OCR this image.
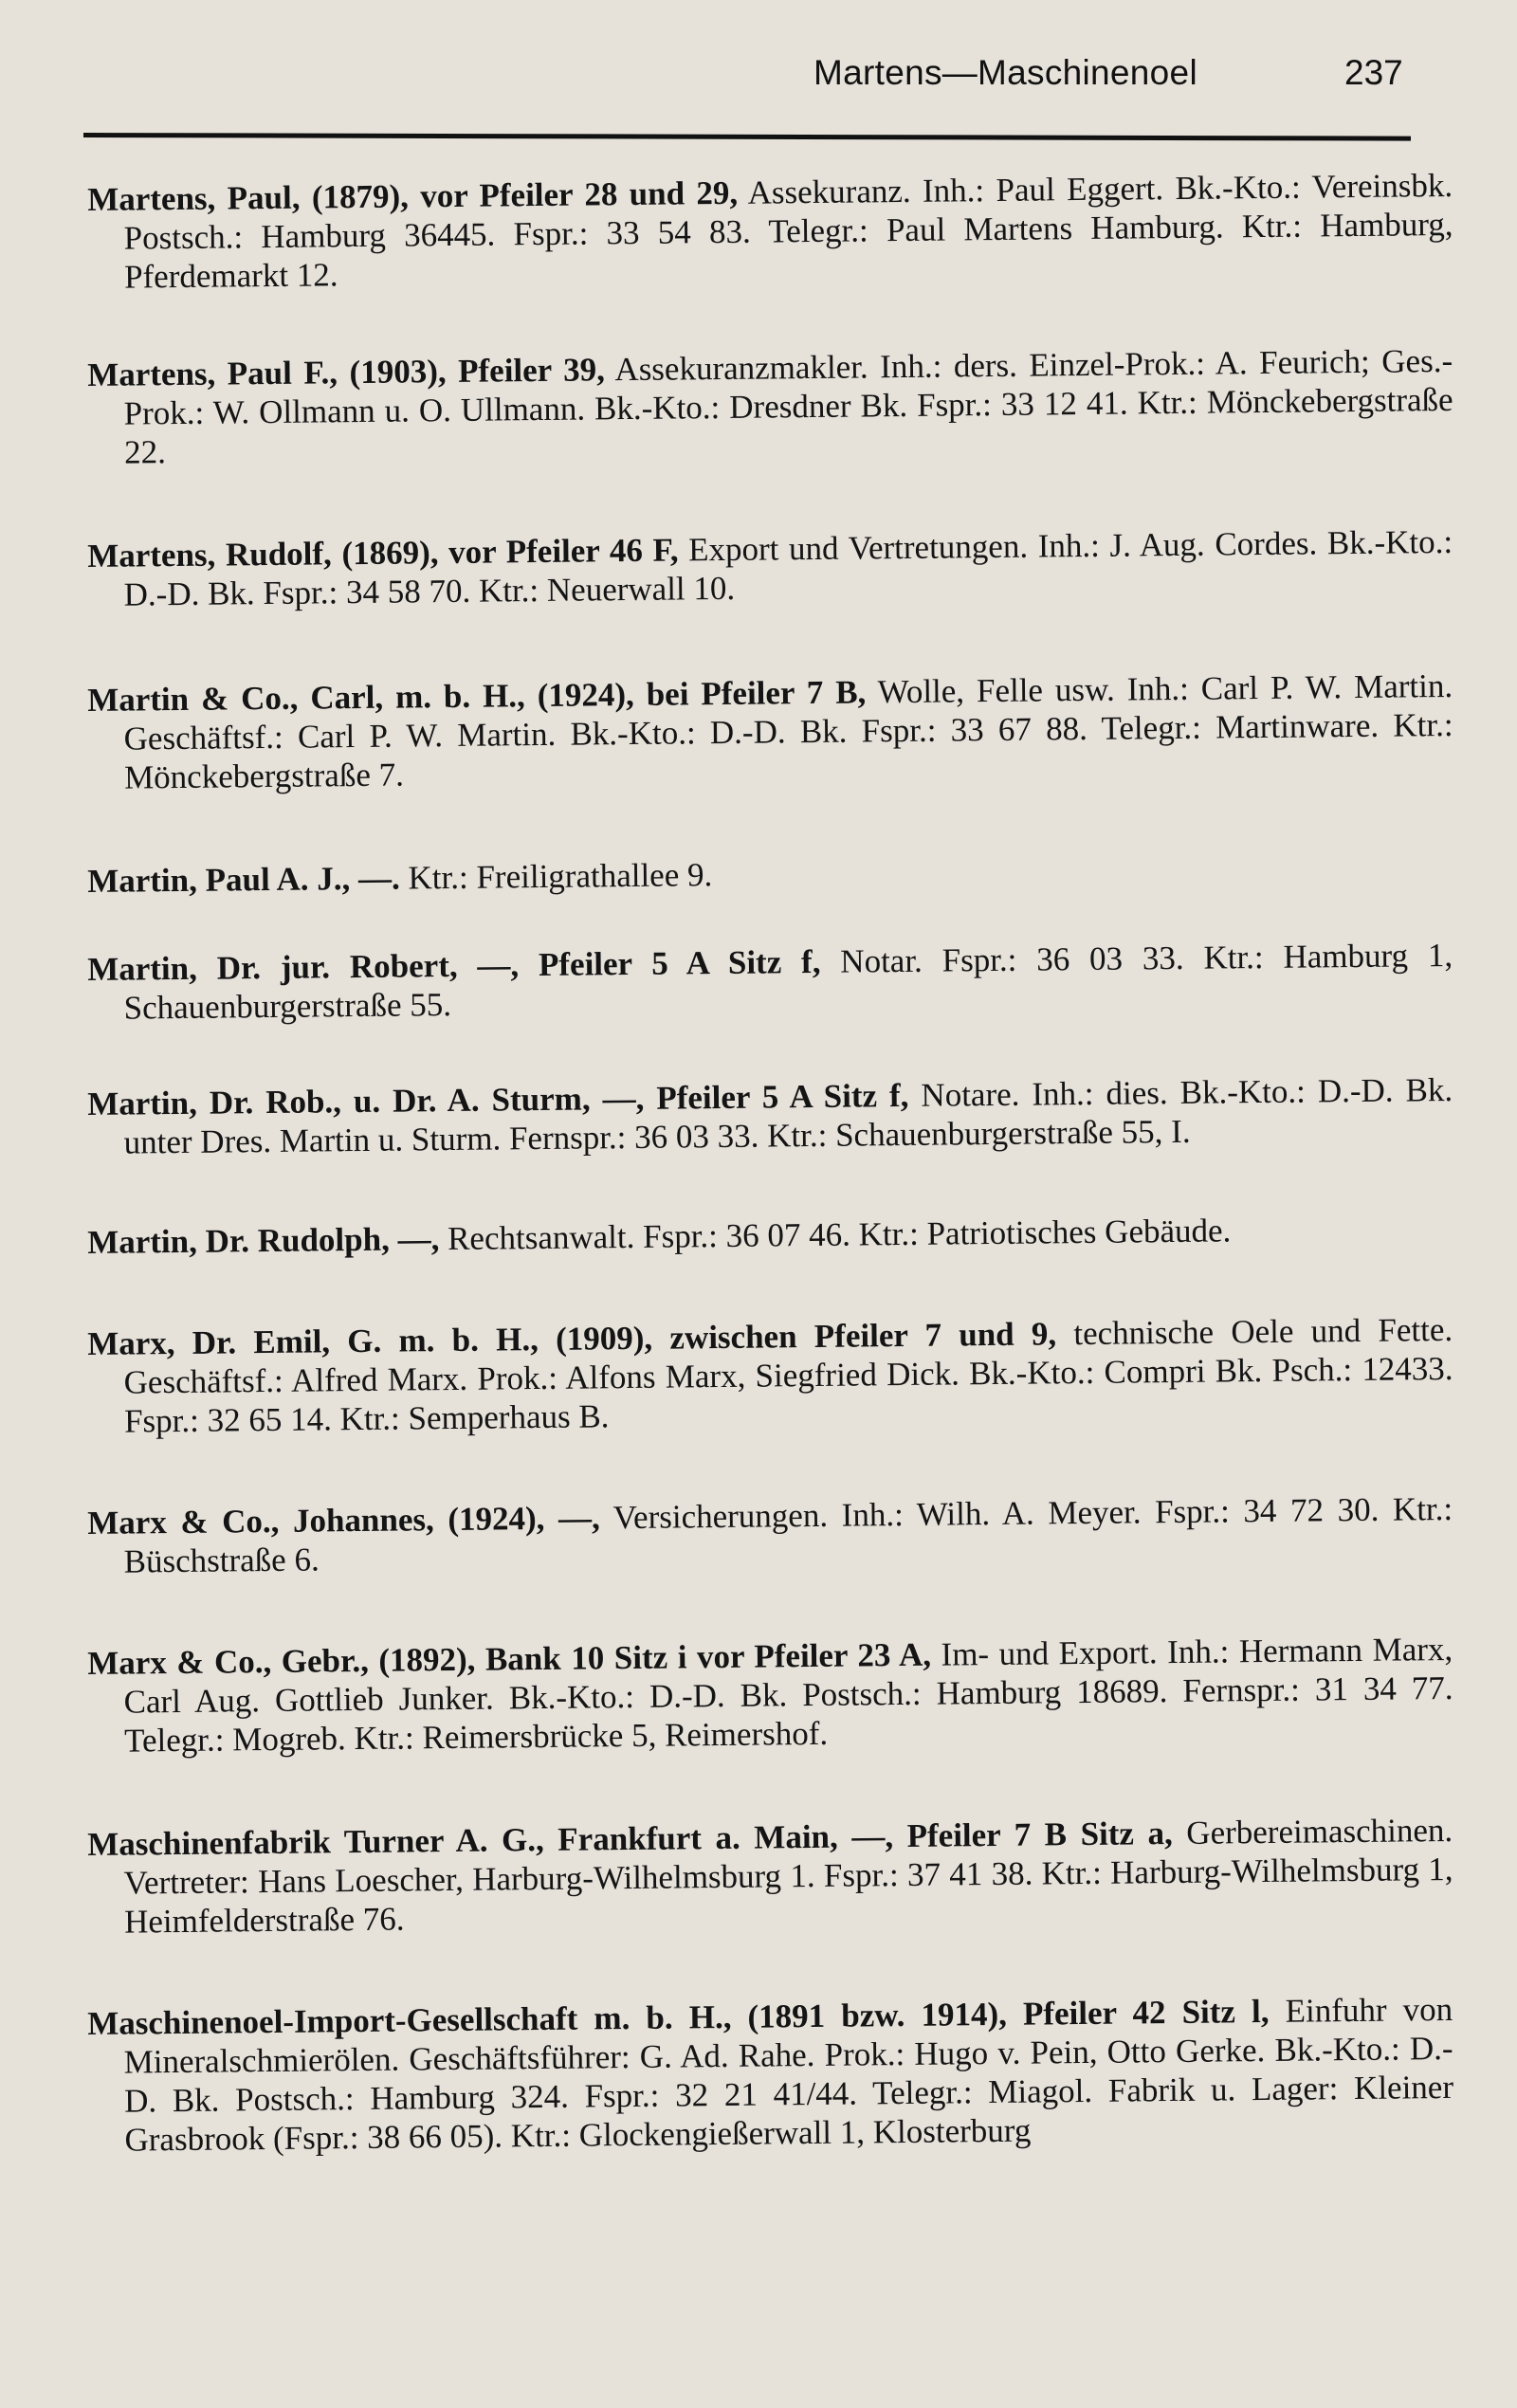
Martens—Maschinenoel	237

Martens, Paul, (1879), vor Pfeiler 28 und 29, Assekuranz. Inh.: Paul Eggert. Bk.-Kto.: Vereinsbk. Postsch.: Hamburg 36445. Fspr.: 33 54 83. Telegr.: Paul Martens Hamburg. Ktr.: Hamburg, Pferdemarkt 12.

Martens, Paul F., (1903), Pfeiler 39, Assekuranzmakler. Inh.: ders. Einzel-Prok.: A. Feurich; Ges.-Prok.: W. Ollmann u. O. Ullmann. Bk.-Kto.: Dresdner Bk. Fspr.: 33 12 41. Ktr.: Mönckebergstraße 22.

Martens, Rudolf, (1869), vor Pfeiler 46 F, Export und Vertretungen. Inh.: J. Aug. Cordes. Bk.-Kto.: D.-D. Bk. Fspr.: 34 58 70. Ktr.: Neuerwall 10.

Martin & Co., Carl, m. b. H., (1924), bei Pfeiler 7 B, Wolle, Felle usw. Inh.: Carl P. W. Martin. Geschäftsf.: Carl P. W. Martin. Bk.-Kto.: D.-D. Bk. Fspr.: 33 67 88. Telegr.: Martinware. Ktr.: Mönckebergstraße 7.

Martin, Paul A. J., —. Ktr.: Freiligrathallee 9.

Martin, Dr. jur. Robert, —, Pfeiler 5 A Sitz f, Notar. Fspr.: 36 03 33. Ktr.: Hamburg 1, Schauenburgerstraße 55.

Martin, Dr. Rob., u. Dr. A. Sturm, —, Pfeiler 5 A Sitz f, Notare. Inh.: dies. Bk.-Kto.: D.-D. Bk. unter Dres. Martin u. Sturm. Fernspr.: 36 03 33. Ktr.: Schauenburgerstraße 55, I.

Martin, Dr. Rudolph, —, Rechtsanwalt. Fspr.: 36 07 46. Ktr.: Patriotisches Gebäude.

Marx, Dr. Emil, G. m. b. H., (1909), zwischen Pfeiler 7 und 9, technische Oele und Fette. Geschäftsf.: Alfred Marx. Prok.: Alfons Marx, Siegfried Dick. Bk.-Kto.: Compri Bk. Psch.: 12433. Fspr.: 32 65 14. Ktr.: Semperhaus B.

Marx & Co., Johannes, (1924), —, Versicherungen. Inh.: Wilh. A. Meyer. Fspr.: 34 72 30. Ktr.: Büschstraße 6.

Marx & Co., Gebr., (1892), Bank 10 Sitz i vor Pfeiler 23 A, Im- und Export. Inh.: Hermann Marx, Carl Aug. Gottlieb Junker. Bk.-Kto.: D.-D. Bk. Postsch.: Hamburg 18689. Fernspr.: 31 34 77. Telegr.: Mogreb. Ktr.: Reimersbrücke 5, Reimershof.

Maschinenfabrik Turner A. G., Frankfurt a. Main, —, Pfeiler 7 B Sitz a, Gerbereimaschinen. Vertreter: Hans Loescher, Harburg-Wilhelmsburg 1. Fspr.: 37 41 38. Ktr.: Harburg-Wilhelmsburg 1, Heimfelderstraße 76.

Maschinenoel-Import-Gesellschaft m. b. H., (1891 bzw. 1914), Pfeiler 42 Sitz l, Einfuhr von Mineralschmierölen. Geschäftsführer: G. Ad. Rahe. Prok.: Hugo v. Pein, Otto Gerke. Bk.-Kto.: D.-D. Bk. Postsch.: Hamburg 324. Fspr.: 32 21 41/44. Telegr.: Miagol. Fabrik u. Lager: Kleiner Grasbrook (Fspr.: 38 66 05). Ktr.: Glockengießerwall 1, Klosterburg
